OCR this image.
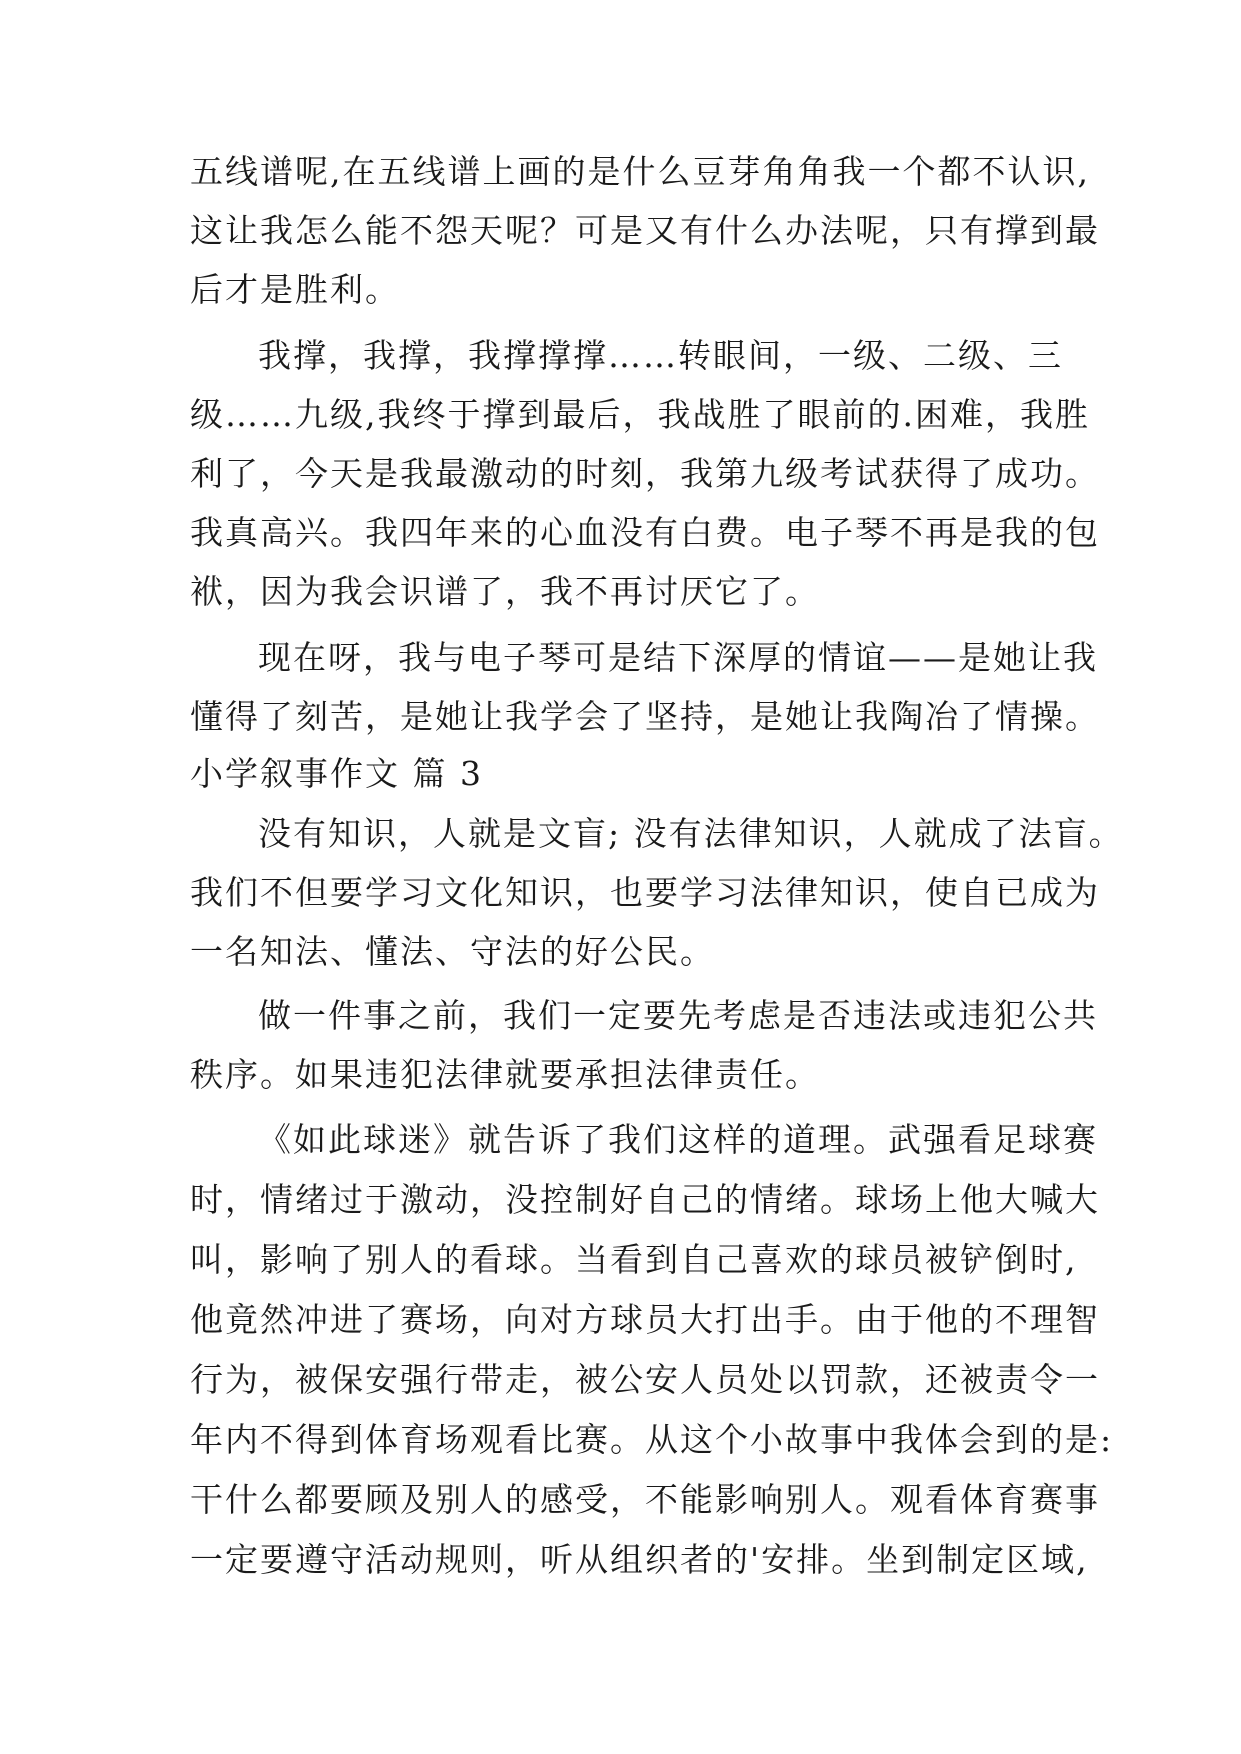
五线谱呢,在五线谱上画的是什么豆芽角角我一个都不认识,
这让我怎么能不怨天呢？可是又有什么办法呢，只有撑到最
后才是胜利。
我撑，我撑，我撑撑撑……转眼间，一级、二级、三
级……九级,我终于撑到最后，我战胜了眼前的.困难，我胜
利了，今天是我最激动的时刻，我第九级考试获得了成功。
我真高兴。我四年来的心血没有白费。电子琴不再是我的包
袱，因为我会识谱了，我不再讨厌它了。
现在呀，我与电子琴可是结下深厚的情谊——是她让我
懂得了刻苦，是她让我学会了坚持，是她让我陶冶了情操。
小学叙事作文 篇 3
没有知识，人就是文盲; 没有法律知识，人就成了法盲。
我们不但要学习文化知识，也要学习法律知识，使自已成为
一名知法、懂法、守法的好公民。
做一件事之前，我们一定要先考虑是否违法或违犯公共
秩序。如果违犯法律就要承担法律责任。
《如此球迷》就告诉了我们这样的道理。武强看足球赛
时，情绪过于激动，没控制好自己的情绪。球场上他大喊大
叫，影响了别人的看球。当看到自己喜欢的球员被铲倒时,
他竟然冲进了赛场，向对方球员大打出手。由于他的不理智
行为，被保安强行带走，被公安人员处以罚款，还被责令一
年内不得到体育场观看比赛。从这个小故事中我体会到的是:
干什么都要顾及别人的感受，不能影响别人。观看体育赛事
一定要遵守活动规则，听从组织者的'安排。坐到制定区域,
